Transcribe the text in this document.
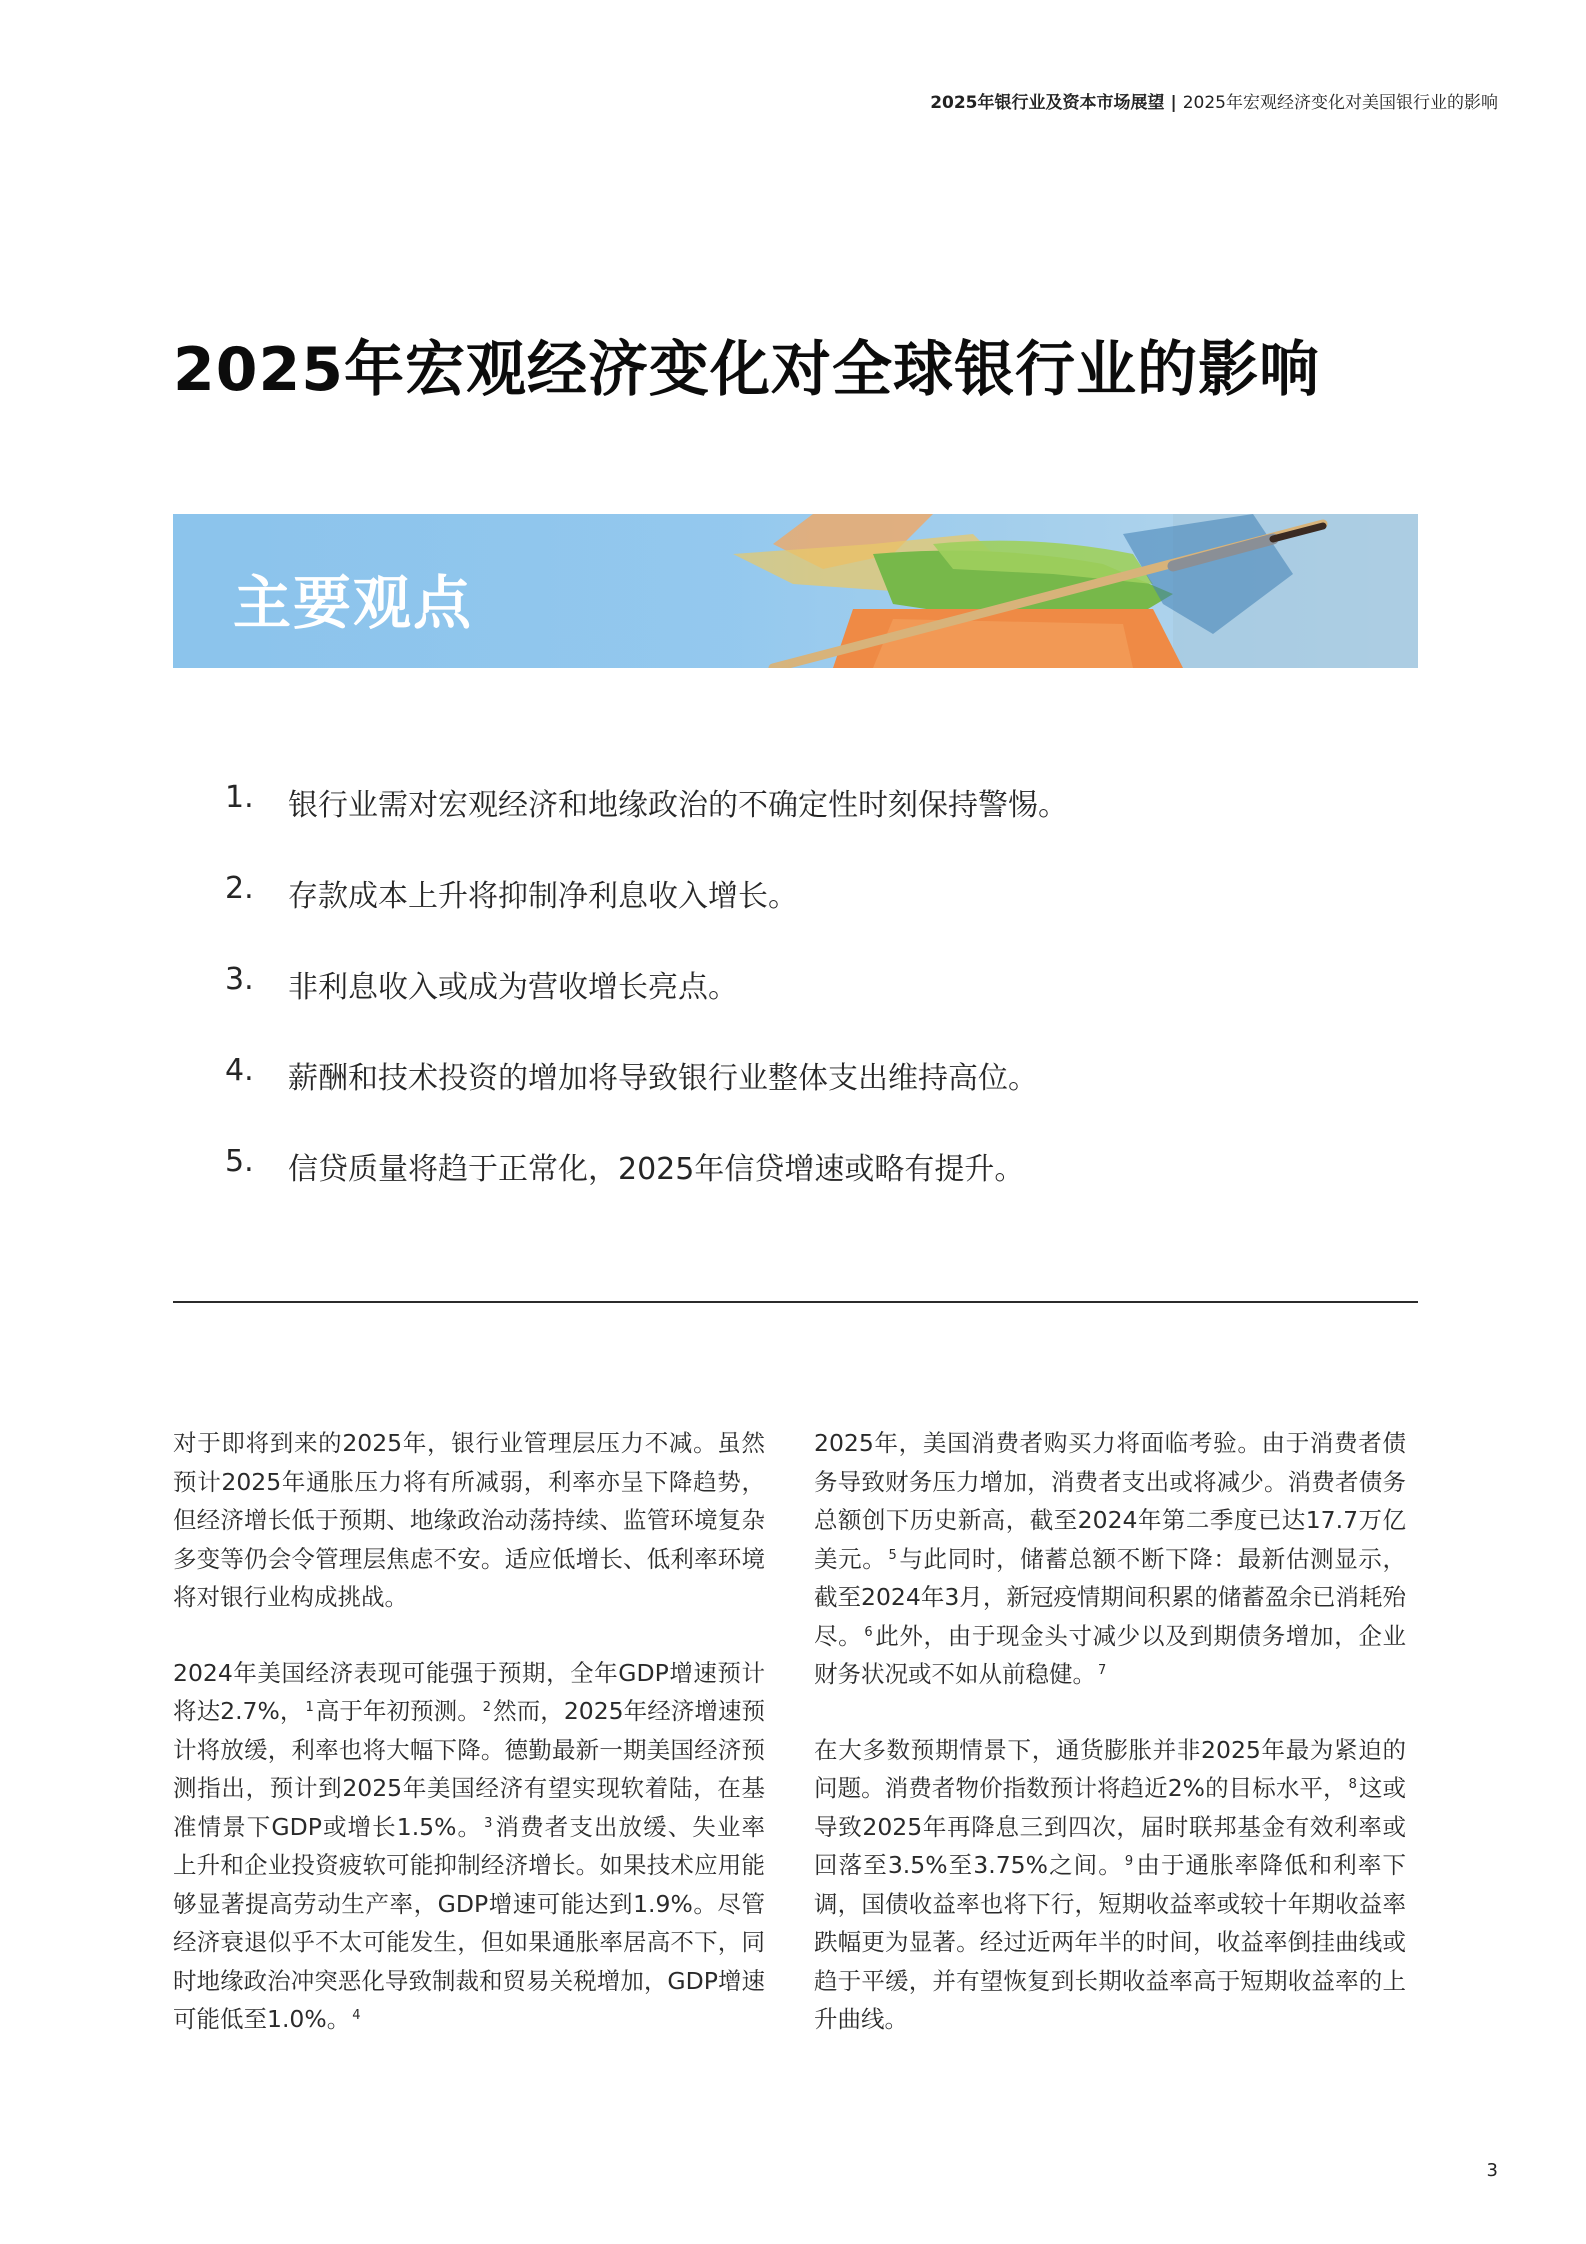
2025年银行业及资本市场展望 | 2025年宏观经济变化对美国银行业的影响
2025年宏观经济变化对全球银行业的影响
主要观点
1.	银行业需对宏观经济和地缘政治的不确定性时刻保持警惕。
2.	存款成本上升将抑制净利息收入增长。
3.	非利息收入或成为营收增长亮点。
4.	薪酬和技术投资的增加将导致银行业整体支出维持高位。
5.	信贷质量将趋于正常化，2025年信贷增速或略有提升。

对于即将到来的2025年，银行业管理层压力不减。虽然预计2025年通胀压力将有所减弱，利率亦呈下降趋势，但经济增长低于预期、地缘政治动荡持续、监管环境复杂多变等仍会令管理层焦虑不安。适应低增长、低利率环境将对银行业构成挑战。

2024年美国经济表现可能强于预期，全年GDP增速预计将达2.7%， $^1$高于年初预测。 $^2$然而，2025年经济增速预计将放缓，利率也将大幅下降。德勤最新一期美国经济预测指出，预计到2025年美国经济有望实现软着陆，在基准情景下GDP或增长1.5%。 $^3$消费者支出放缓、失业率上升和企业投资疲软可能抑制经济增长。如果技术应用能够显著提高劳动生产率，GDP增速可能达到1.9%。尽管经济衰退似乎不太可能发生，但如果通胀率居高不下，同时地缘政治冲突恶化导致制裁和贸易关税增加，GDP增速可能低至1.0%。 $^4$

2025年，美国消费者购买力将面临考验。由于消费者债务导致财务压力增加，消费者支出或将减少。消费者债务总额创下历史新高，截至2024年第二季度已达17.7万亿美元。 $^5$与此同时，储蓄总额不断下降：最新估测显示，截至2024年3月，新冠疫情期间积累的储蓄盈余已消耗殆尽。 $^6$此外，由于现金头寸减少以及到期债务增加，企业财务状况或不如从前稳健。 $^7$

在大多数预期情景下，通货膨胀并非2025年最为紧迫的问题。消费者物价指数预计将趋近2%的目标水平， $^8$这或导致2025年再降息三到四次，届时联邦基金有效利率或回落至3.5%至3.75%之间。 $^9$由于通胀率降低和利率下调，国债收益率也将下行，短期收益率或较十年期收益率跌幅更为显著。经过近两年半的时间，收益率倒挂曲线或趋于平缓，并有望恢复到长期收益率高于短期收益率的上升曲线。

3
